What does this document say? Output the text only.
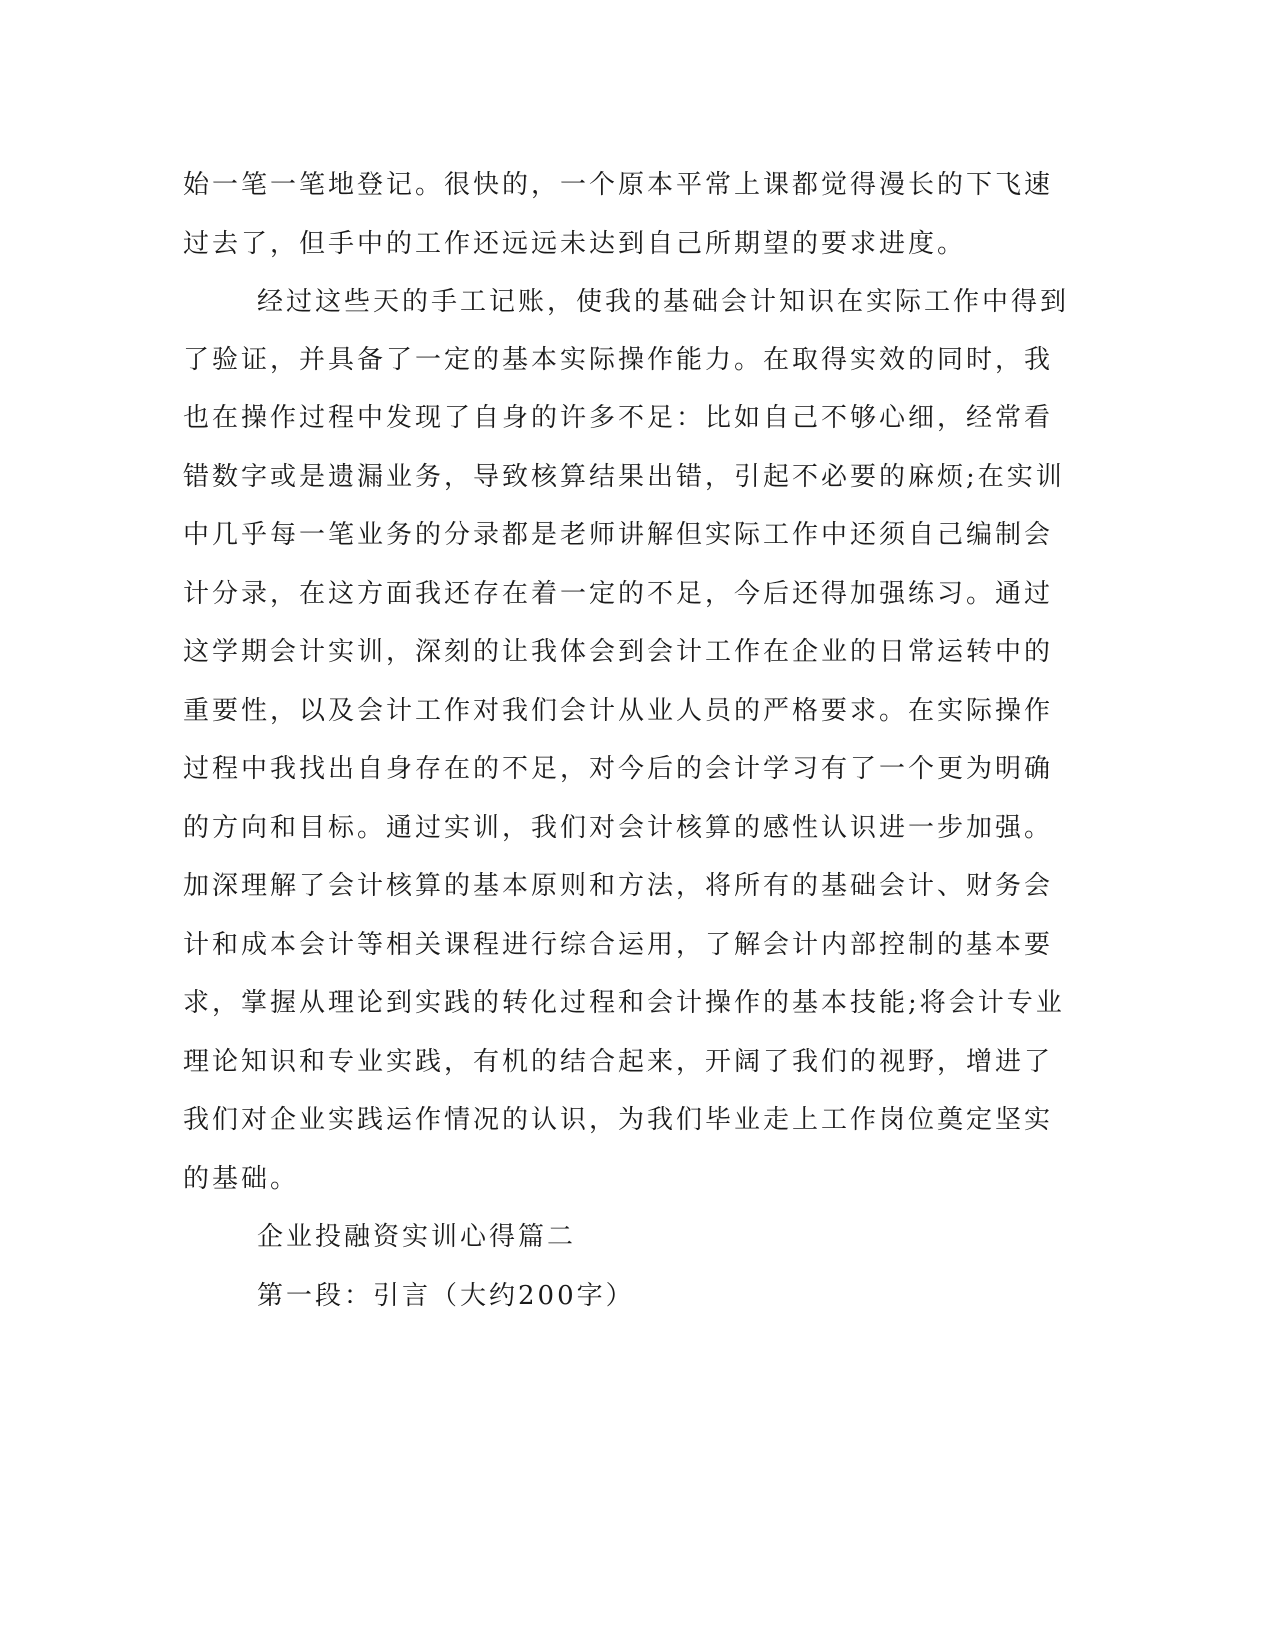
始一笔一笔地登记。很快的，一个原本平常上课都觉得漫长的下飞速
过去了，但手中的工作还远远未达到自己所期望的要求进度。
经过这些天的手工记账，使我的基础会计知识在实际工作中得到
了验证，并具备了一定的基本实际操作能力。在取得实效的同时，我
也在操作过程中发现了自身的许多不足：比如自己不够心细，经常看
错数字或是遗漏业务，导致核算结果出错，引起不必要的麻烦;在实训
中几乎每一笔业务的分录都是老师讲解但实际工作中还须自己编制会
计分录，在这方面我还存在着一定的不足，今后还得加强练习。通过
这学期会计实训，深刻的让我体会到会计工作在企业的日常运转中的
重要性，以及会计工作对我们会计从业人员的严格要求。在实际操作
过程中我找出自身存在的不足，对今后的会计学习有了一个更为明确
的方向和目标。通过实训，我们对会计核算的感性认识进一步加强。
加深理解了会计核算的基本原则和方法，将所有的基础会计、财务会
计和成本会计等相关课程进行综合运用，了解会计内部控制的基本要
求，掌握从理论到实践的转化过程和会计操作的基本技能;将会计专业
理论知识和专业实践，有机的结合起来，开阔了我们的视野，增进了
我们对企业实践运作情况的认识，为我们毕业走上工作岗位奠定坚实
的基础。
企业投融资实训心得篇二
第一段：引言（大约200字）
